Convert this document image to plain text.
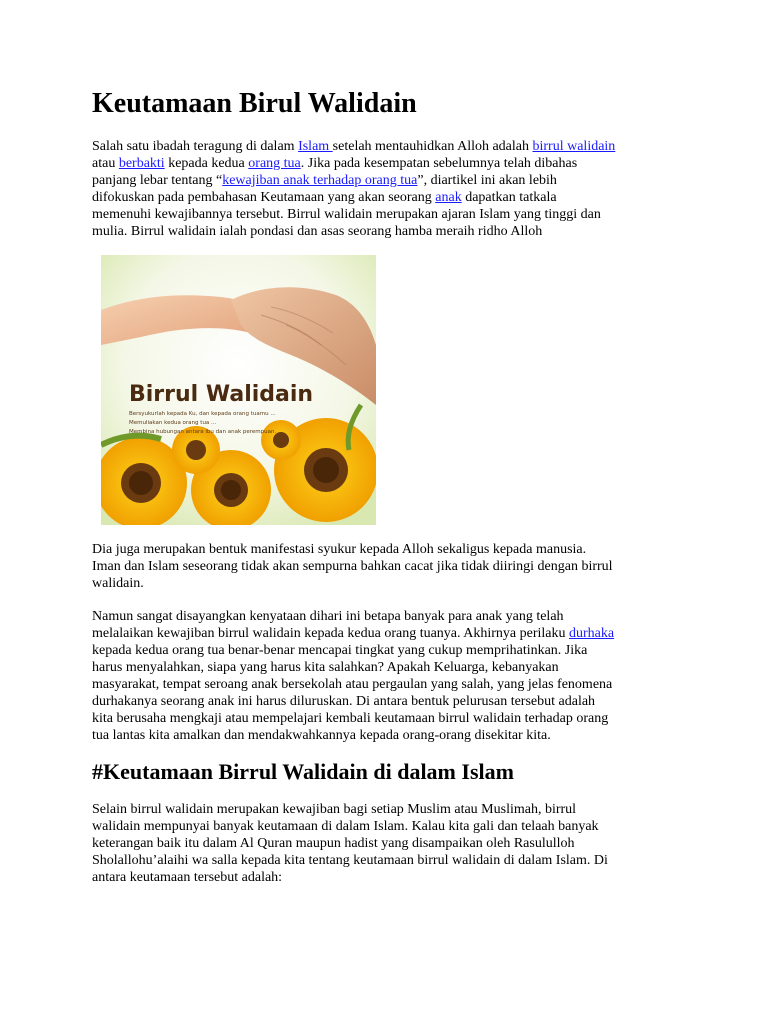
Keutamaan Birul Walidain
Salah satu ibadah teragung di dalam Islam setelah mentauhidkan Alloh adalah birrul walidain
atau berbakti kepada kedua orang tua. Jika pada kesempatan sebelumnya telah dibahas
panjang lebar tentang “kewajiban anak terhadap orang tua”, diartikel ini akan lebih
difokuskan pada pembahasan Keutamaan yang akan seorang anak dapatkan tatkala
memenuhi kewajibannya tersebut. Birrul walidain merupakan ajaran Islam yang tinggi dan
mulia. Birrul walidain ialah pondasi dan asas seorang hamba meraih ridho Alloh
Birrul Walidain
Bersyukurlah kepada Ku, dan kepada orang tuamu ...
Memuliakan kedua orang tua ...
Membina hubungan antara ibu dan anak perempuan.
Dia juga merupakan bentuk manifestasi syukur kepada Alloh sekaligus kepada manusia.
Iman dan Islam seseorang tidak akan sempurna bahkan cacat jika tidak diiringi dengan birrul
walidain.
Namun sangat disayangkan kenyataan dihari ini betapa banyak para anak yang telah
melalaikan kewajiban birrul walidain kepada kedua orang tuanya. Akhirnya perilaku durhaka
kepada kedua orang tua benar-benar mencapai tingkat yang cukup memprihatinkan. Jika
harus menyalahkan, siapa yang harus kita salahkan? Apakah Keluarga, kebanyakan
masyarakat, tempat seroang anak bersekolah atau pergaulan yang salah, yang jelas fenomena
durhakanya seorang anak ini harus diluruskan. Di antara bentuk pelurusan tersebut adalah
kita berusaha mengkaji atau mempelajari kembali keutamaan birrul walidain terhadap orang
tua lantas kita amalkan dan mendakwahkannya kepada orang-orang disekitar kita.
#Keutamaan Birrul Walidain di dalam Islam
Selain birrul walidain merupakan kewajiban bagi setiap Muslim atau Muslimah, birrul
walidain mempunyai banyak keutamaan di dalam Islam. Kalau kita gali dan telaah banyak
keterangan baik itu dalam Al Quran maupun hadist yang disampaikan oleh Rasululloh
Sholallohu’alaihi wa salla kepada kita tentang keutamaan birrul walidain di dalam Islam. Di
antara keutamaan tersebut adalah:
